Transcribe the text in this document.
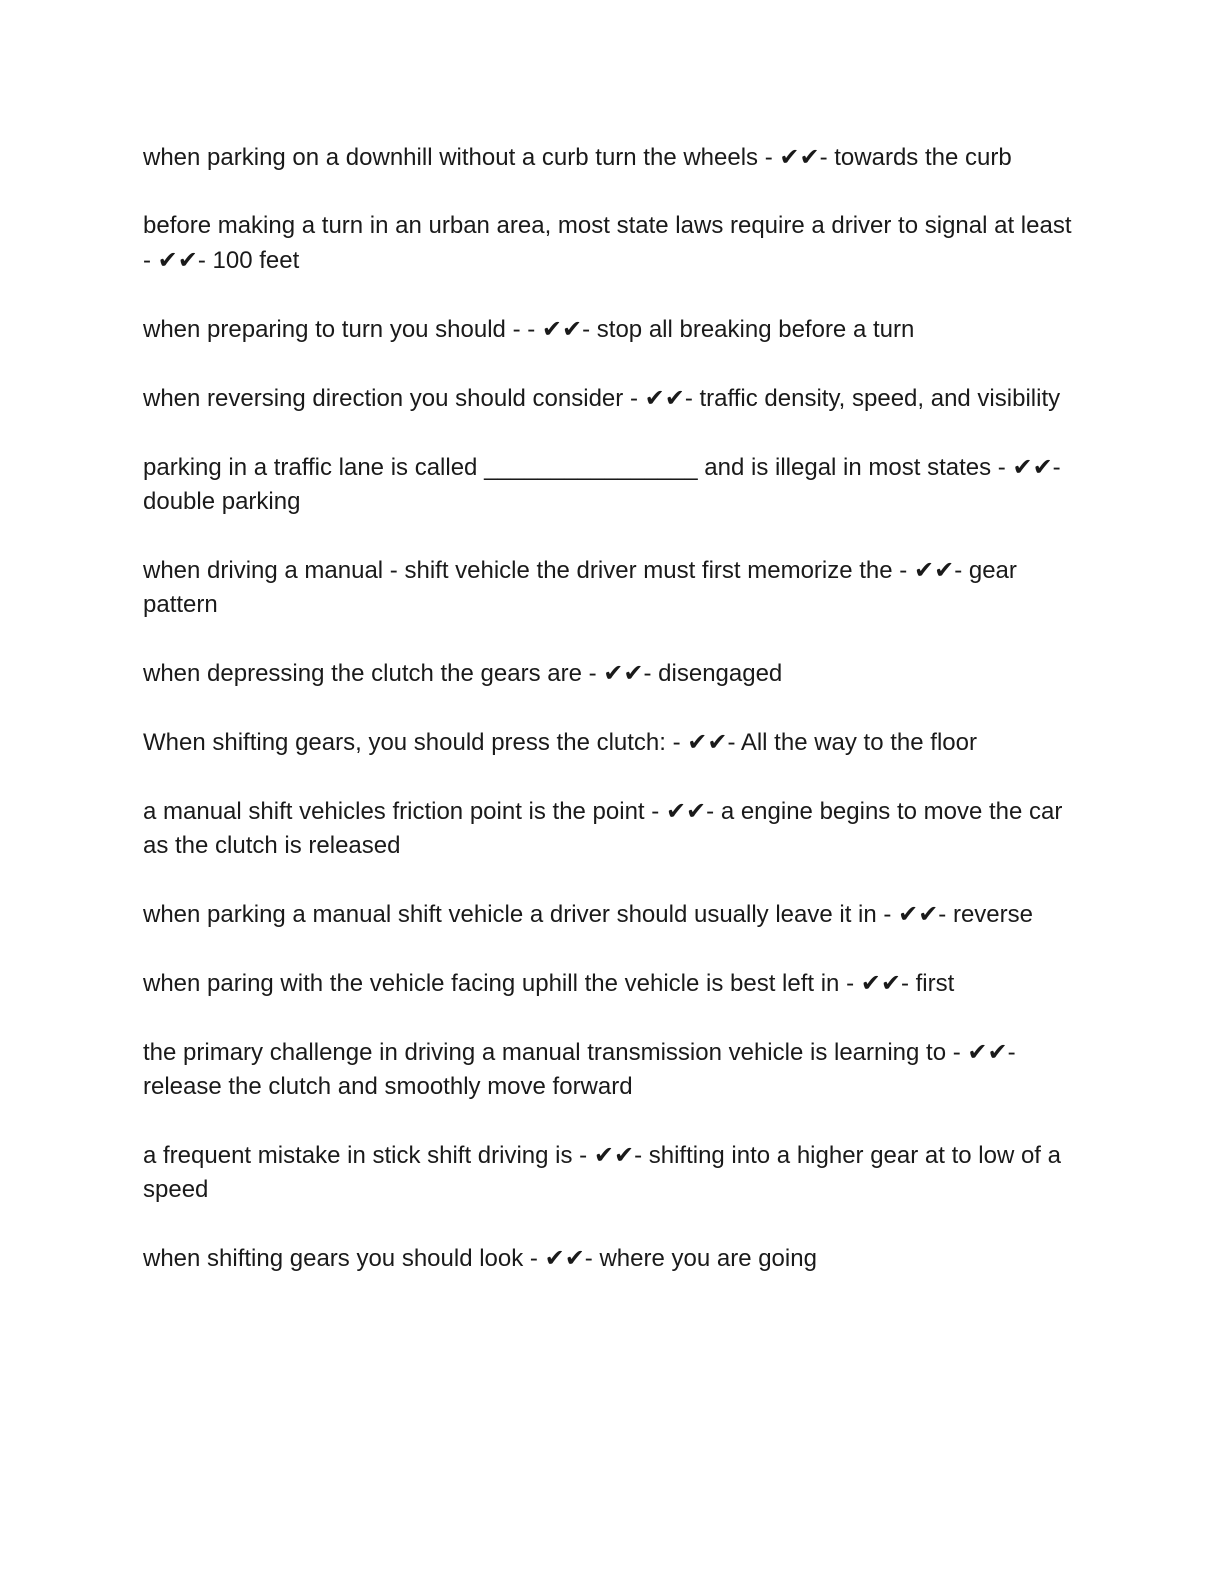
when parking on a downhill without a curb turn the wheels - ✔✔- towards the curb

before making a turn in an urban area, most state laws require a driver to signal at least - ✔✔- 100 feet

when preparing to turn you should - - ✔✔- stop all breaking before a turn

when reversing direction you should consider - ✔✔- traffic density, speed, and visibility

parking in a traffic lane is called ________________ and is illegal in most states - ✔✔- double parking

when driving a manual - shift vehicle the driver must first memorize the - ✔✔- gear pattern

when depressing the clutch the gears are - ✔✔- disengaged

When shifting gears, you should press the clutch: - ✔✔- All the way to the floor

a manual shift vehicles friction point is the point - ✔✔- a engine begins to move the car as the clutch is released

when parking a manual shift vehicle a driver should usually leave it in - ✔✔- reverse

when paring with the vehicle facing uphill the vehicle is best left in - ✔✔- first

the primary challenge in driving a manual transmission vehicle is learning to - ✔✔- release the clutch and smoothly move forward

a frequent mistake in stick shift driving is - ✔✔- shifting into a higher gear at to low of a speed

when shifting gears you should look - ✔✔- where you are going
